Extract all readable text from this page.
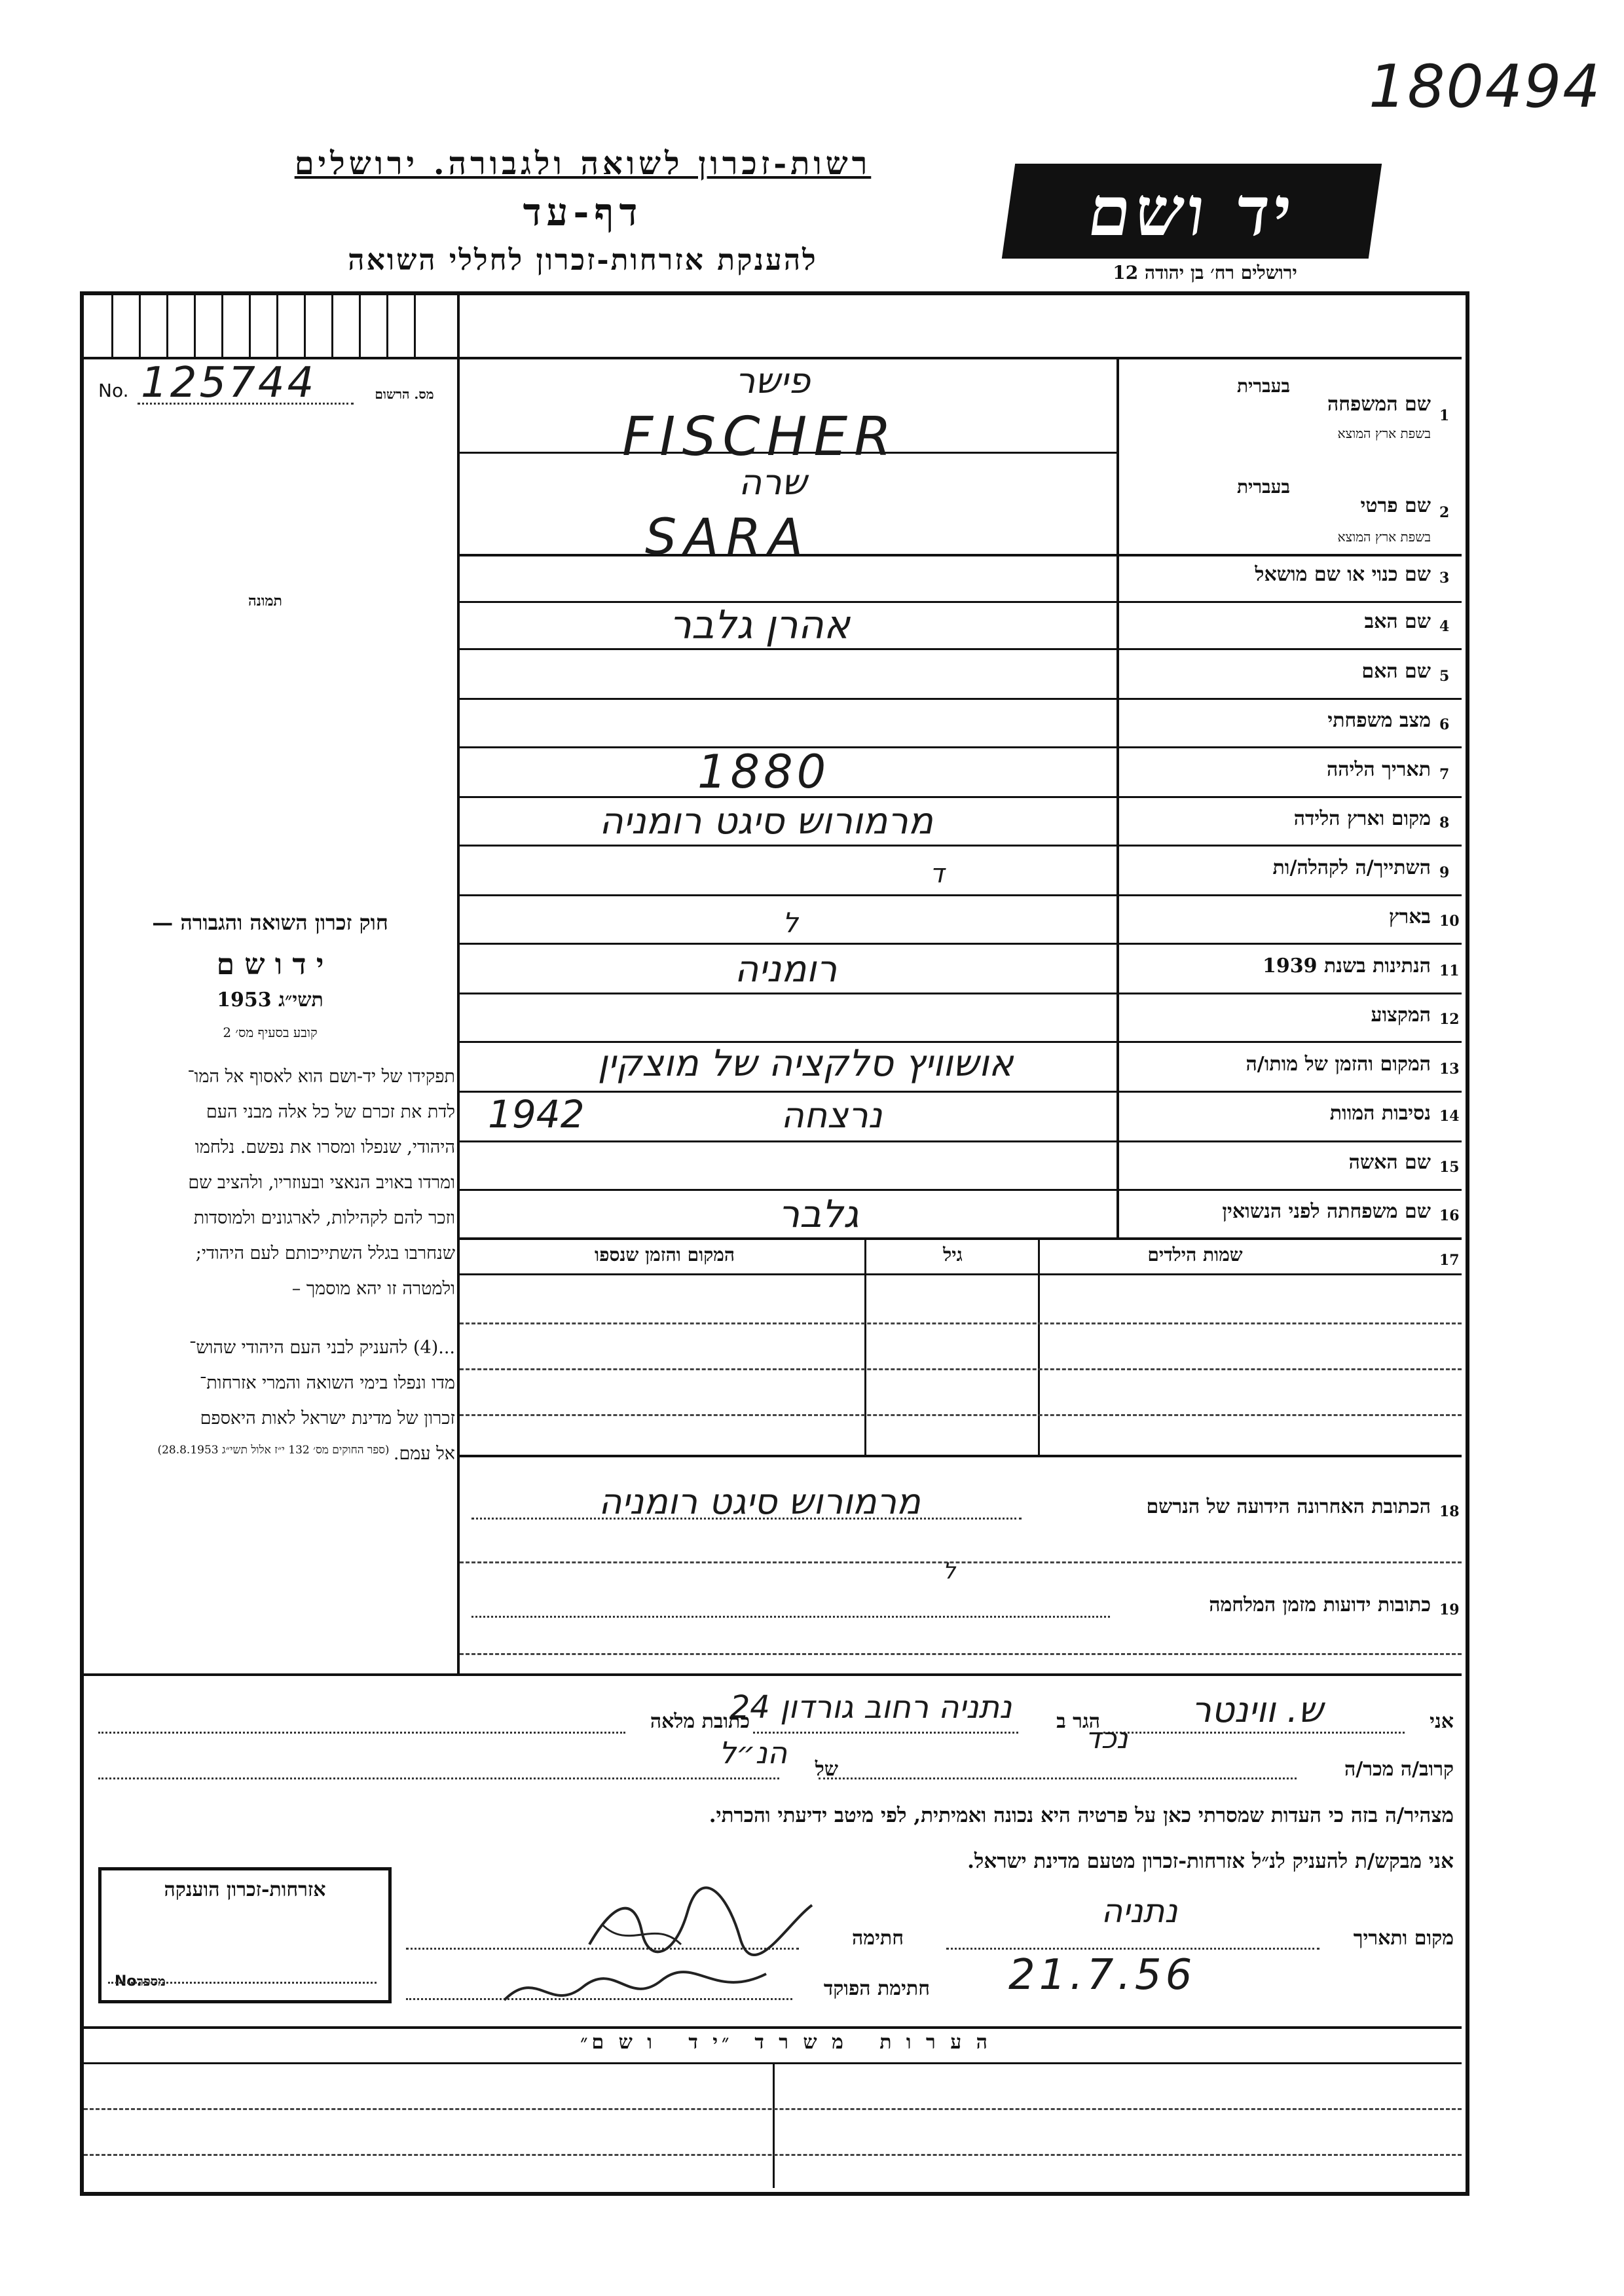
180494
רשות-זכרון לשואה ולגבורה. ירושלים
דף-עד
להענקת אזרחות-זכרון לחללי השואה
יד ושם
ירושלים רח׳ בן יהודה 12
No. 125744	מס. הרשום
תמונה
חוק זכרון השואה והגבורה —
י ד ו ש ם
תשי״ג 1953
קובע בסעיף מס׳ 2
תפקידו של יד-ושם הוא לאסוף אל המו־
לדת את זכרם של כל אלה מבני העם
היהודי, שנפלו ומסרו את נפשם. נלחמו
ומרדו באויב הנאצי ובעוזריו, ולהציב שם
וזכר להם לקהילות, לארגונים ולמוסדות
שנחרבו בגלל השתייכותם לעם היהודי;
ולמטרה זו יהא מוסמך –
...(4) להעניק לבני העם היהודי שהוש־
מדו ונפלו בימי השואה והמרי אזרחות־
זכרון של מדינת ישראל לאות היאספם
אל עמם.
(ספר החוקים מס׳ 132 י״ז אלול תשי״ג 28.8.1953)
1
שם המשפחה
בעברית
בשפת ארץ המוצא
פישר
FISCHER
2
שם פרטי
בעברית
בשפת ארץ המוצא
שרה
SARA
3
שם כנוי או שם מושאל
4
שם האב
אהרן גלבר
5
שם האם
6
מצב משפחתי
7
תאריך הליהה
1880
8
מקום וארץ הלידה
מרמורוש סיגט רומניה
9
השתייך/ה לקהלה/ות
ד
10
בארץ
ל
11
הנתינות בשנת 1939
רומניה
12
המקצוע
13
המקום והזמן של מותו/ה
אושוויץ סלקציה של מוצקין
14
נסיבות המוות
נרצחה
1942
15
שם האשה
16
שם משפחתה לפני הנשואין
גלבר
17
שמות הילדים
גיל
המקום והזמן שנספו
18
הכתובת האחרונה הידועה של הנרשם
מרמורוש סיגט רומניה
19
כתובות ידועות מזמן המלחמה
ל
אני
ש. ווינטר
הגר ב
נתניה רחוב גורדון 24
כתובת מלאה
קרוב/ה מכר/ה
נכד
של
הנ״ל
מצהיר/ה בזה כי העדות שמסרתי כאן על פרטיה היא נכונה ואמיתית, לפי מיטב ידיעתי והכרתי.
אני מבקש/ת להעניק לנ״ל אזרחות-זכרון מטעם מדינת ישראל.
מקום ותאריך
נתניה
חתימה
21.7.56
חתימת הפוקד
אזרחות-זכרון הוענקה
מספר
No.
ה ע ר ו ת   מ ש ר ד  ״י ד   ו ש ם״
